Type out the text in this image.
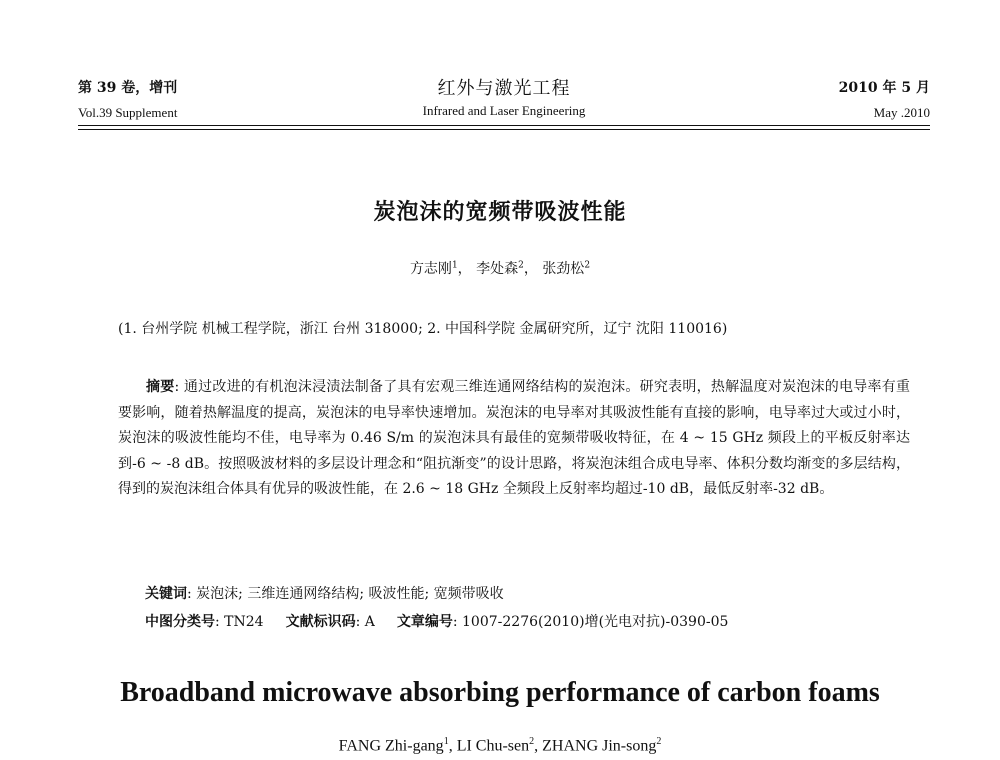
第 39 卷，增刊
Vol.39 Supplement
红外与激光工程
Infrared and Laser Engineering
2010 年 5 月
May .2010
炭泡沫的宽频带吸波性能
方志刚$^1$， 李处森$^2$， 张劲松$^2$
(1. 台州学院 机械工程学院，浙江 台州 318000; 2. 中国科学院 金属研究所，辽宁 沈阳 110016)
摘要: 通过改进的有机泡沫浸渍法制备了具有宏观三维连通网络结构的炭泡沫。研究表明，热解温度对炭泡沫的电导率有重要影响，随着热解温度的提高，炭泡沫的电导率快速增加。炭泡沫的电导率对其吸波性能有直接的影响，电导率过大或过小时，炭泡沫的吸波性能均不佳，电导率为 0.46 S/m 的炭泡沫具有最佳的宽频带吸收特征，在 4 ~ 15 GHz 频段上的平板反射率达到-6 ~ -8 dB。按照吸波材料的多层设计理念和“阻抗渐变”的设计思路，将炭泡沫组合成电导率、体积分数均渐变的多层结构，得到的炭泡沫组合体具有优异的吸波性能，在 2.6 ~ 18 GHz 全频段上反射率均超过-10 dB，最低反射率-32 dB。
关键词: 炭泡沫; 三维连通网络结构; 吸波性能; 宽频带吸收
中图分类号: TN24 文献标识码: A 文章编号: 1007-2276(2010)增(光电对抗)-0390-05
Broadband microwave absorbing performance of carbon foams
FANG Zhi-gang$^1$, LI Chu-sen$^2$, ZHANG Jin-song$^2$
